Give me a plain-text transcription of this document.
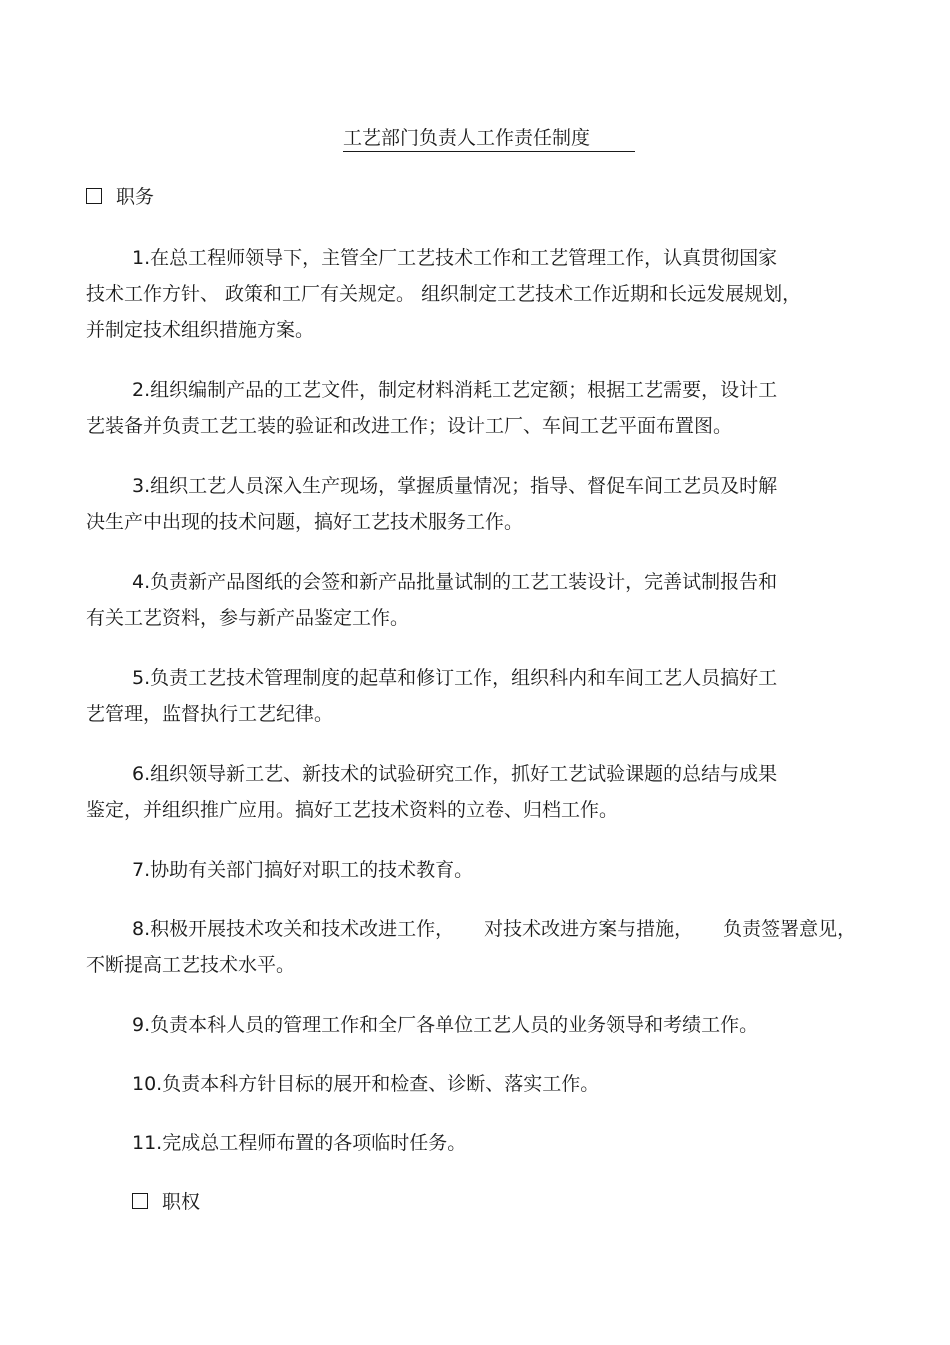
工艺部门负责人工作责任制度
职务
1.在总工程师领导下，主管全厂工艺技术工作和工艺管理工作，认真贯彻国家
技术工作方针、 政策和工厂有关规定。 组织制定工艺技术工作近期和长远发展规划，
并制定技术组织措施方案。
2.组织编制产品的工艺文件，制定材料消耗工艺定额；根据工艺需要，设计工
艺装备并负责工艺工装的验证和改进工作；设计工厂、车间工艺平面布置图。
3.组织工艺人员深入生产现场，掌握质量情况；指导、督促车间工艺员及时解
决生产中出现的技术问题，搞好工艺技术服务工作。
4.负责新产品图纸的会签和新产品批量试制的工艺工装设计，完善试制报告和
有关工艺资料，参与新产品鉴定工作。
5.负责工艺技术管理制度的起草和修订工作，组织科内和车间工艺人员搞好工
艺管理，监督执行工艺纪律。
6.组织领导新工艺、新技术的试验研究工作，抓好工艺试验课题的总结与成果
鉴定，并组织推广应用。搞好工艺技术资料的立卷、归档工作。
7.协助有关部门搞好对职工的技术教育。
8.积极开展技术攻关和技术改进工作， 对技术改进方案与措施， 负责签署意见，
不断提高工艺技术水平。
9.负责本科人员的管理工作和全厂各单位工艺人员的业务领导和考绩工作。
10.负责本科方针目标的展开和检查、诊断、落实工作。
11.完成总工程师布置的各项临时任务。
职权
